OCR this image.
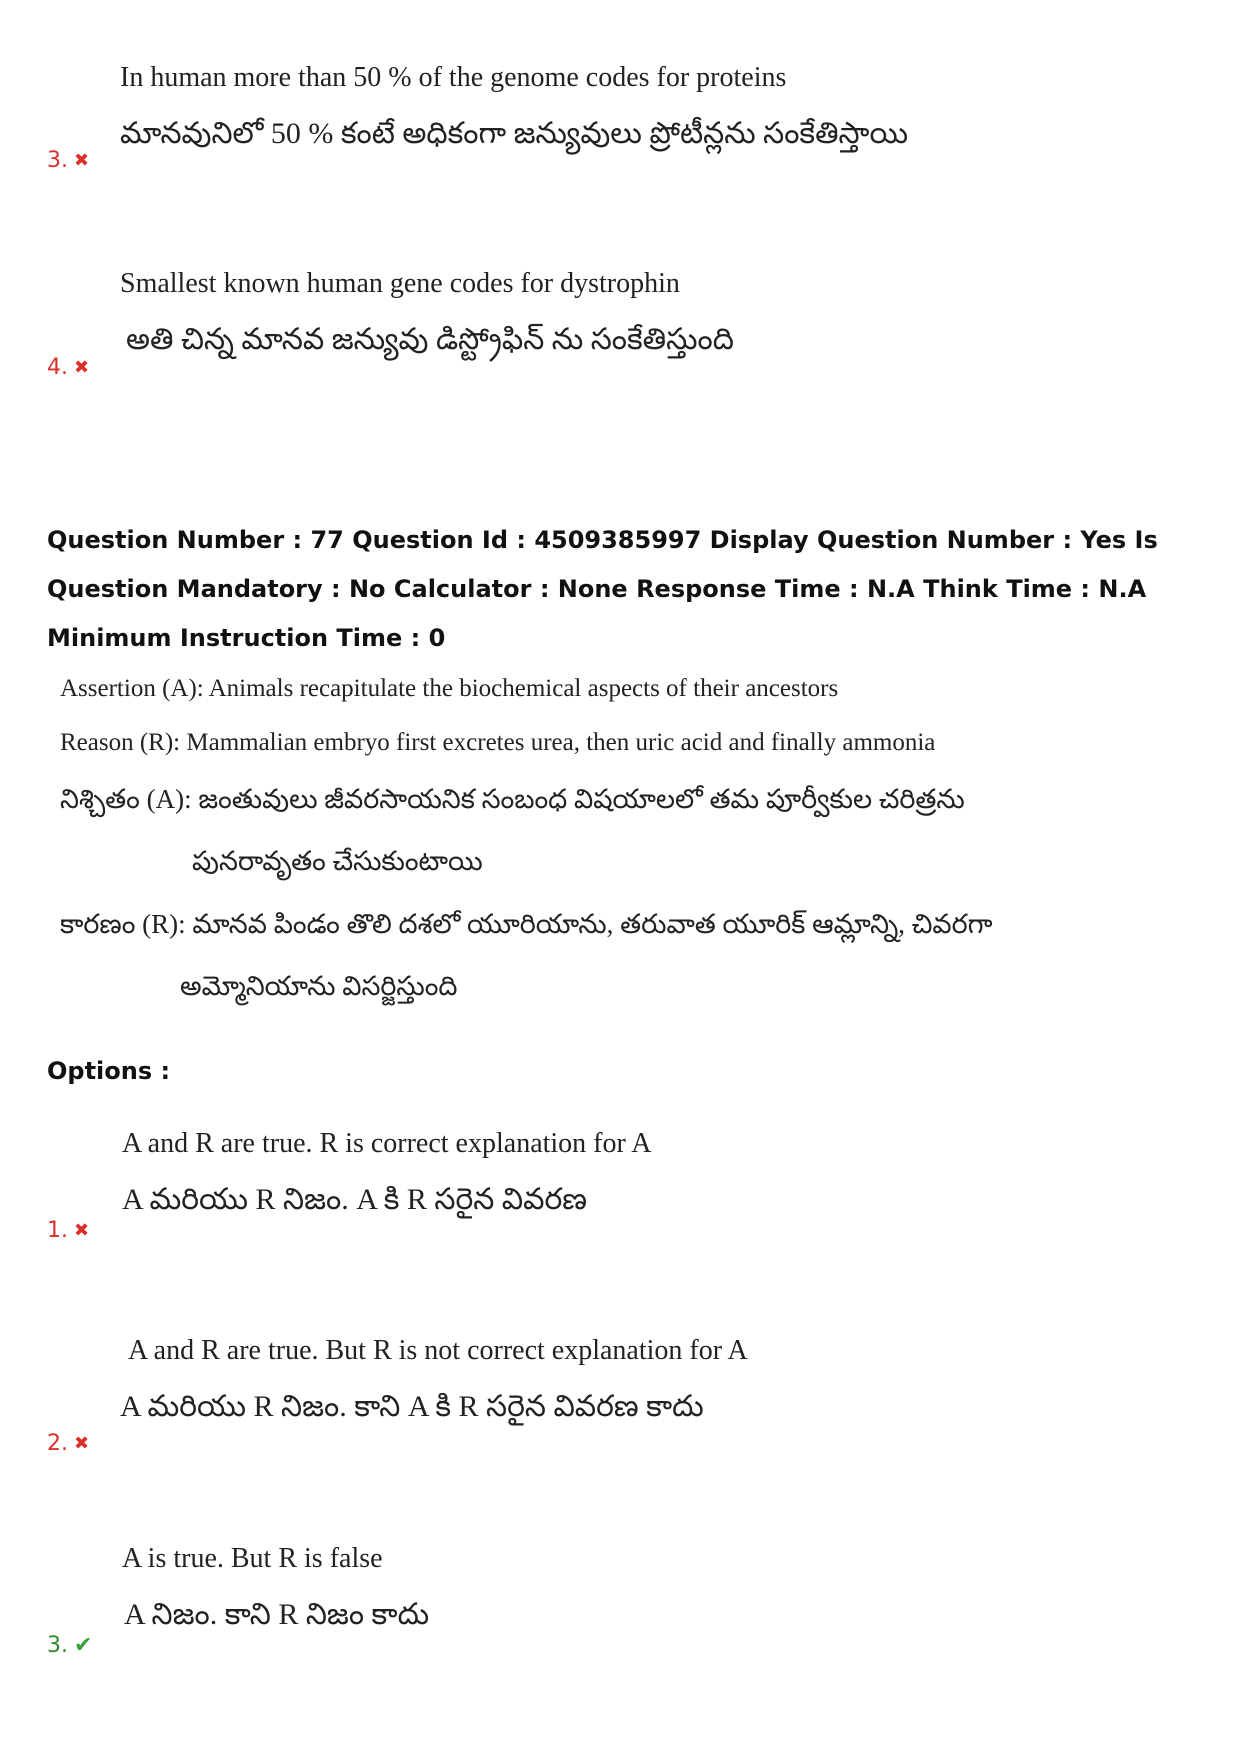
In human more than 50 % of the genome codes for proteins
మానవునిలో 50 % కంటే అధికంగా జన్యువులు ప్రోటీన్లను సంకేతిస్తాయి
3. ✖
Smallest known human gene codes for dystrophin
అతి చిన్న మానవ జన్యువు డిస్ట్రోఫిన్ ను సంకేతిస్తుంది
4. ✖
Question Number : 77 Question Id : 4509385997 Display Question Number : Yes Is Question Mandatory : No Calculator : None Response Time : N.A Think Time : N.A Minimum Instruction Time : 0
Assertion (A): Animals recapitulate the biochemical aspects of their ancestors
Reason (R): Mammalian embryo first excretes urea, then uric acid and finally ammonia
నిశ్చితం (A): జంతువులు జీవరసాయనిక సంబంధ విషయాలలో తమ పూర్వీకుల చరిత్రను
పునరావృతం చేసుకుంటాయి
కారణం (R): మానవ పిండం తొలి దశలో యూరియాను, తరువాత యూరిక్ ఆమ్లాన్ని, చివరగా
అమ్మోనియాను విసర్జిస్తుంది
Options :
A and R are true. R is correct explanation for A
A మరియు R నిజం. A కి R సరైన వివరణ
1. ✖
A and R are true. But R is not correct explanation for A
A మరియు R నిజం. కాని A కి R సరైన వివరణ కాదు
2. ✖
A is true. But R is false
A నిజం. కాని R నిజం కాదు
3. ✔
